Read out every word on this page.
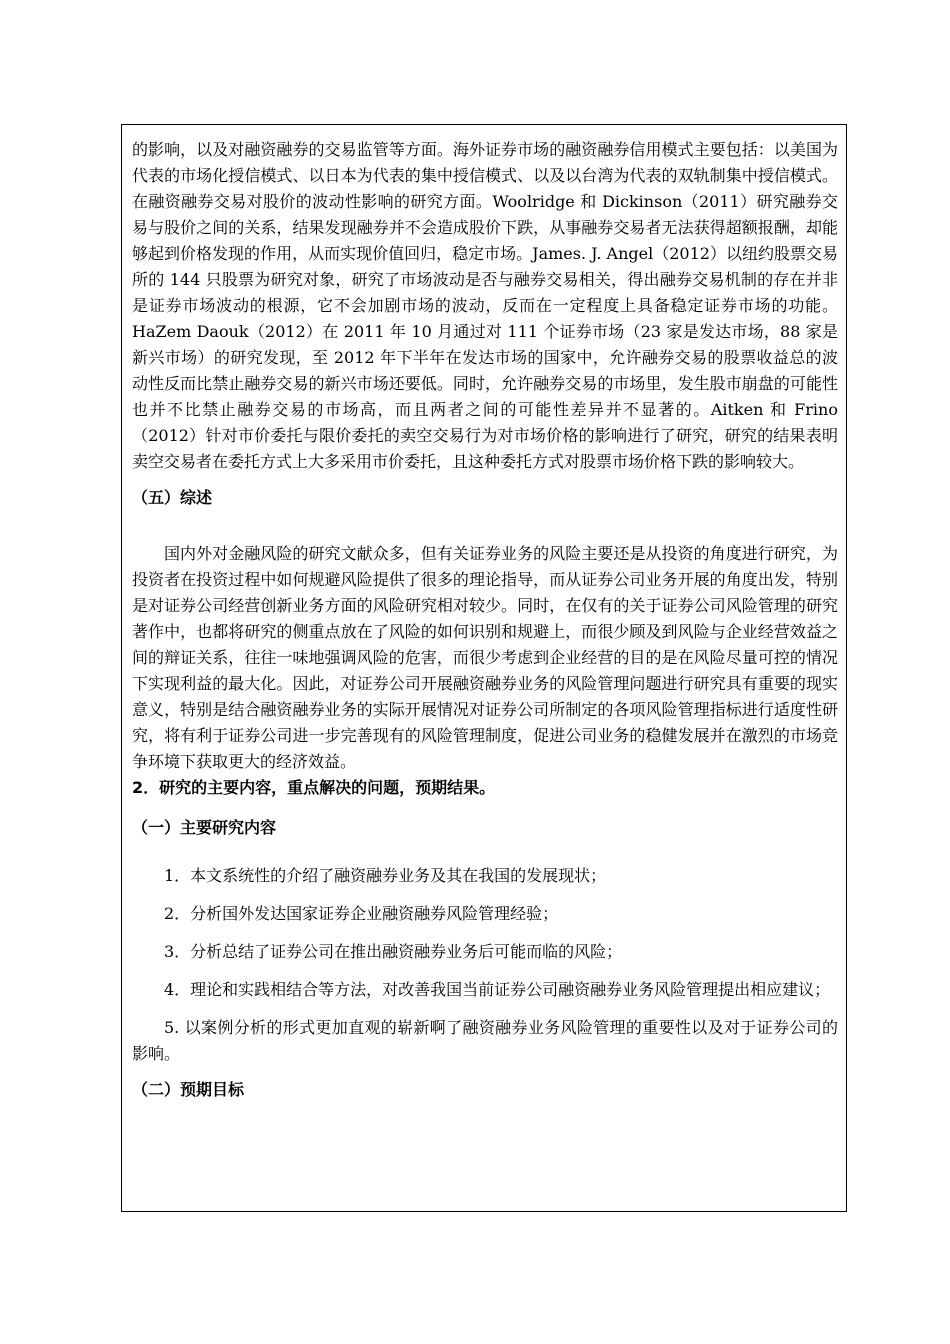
的影响，以及对融资融券的交易监管等方面。海外证券市场的融资融券信用模式主要包括：以美国为代表的市场化授信模式、以日本为代表的集中授信模式、以及以台湾为代表的双轨制集中授信模式。在融资融券交易对股价的波动性影响的研究方面。Woolridge 和 Dickinson（2011）研究融券交易与股价之间的关系，结果发现融券并不会造成股价下跌，从事融券交易者无法获得超额报酬，却能够起到价格发现的作用，从而实现价值回归，稳定市场。James. J. Angel（2012）以纽约股票交易所的 144 只股票为研究对象，研究了市场波动是否与融券交易相关，得出融券交易机制的存在并非是证券市场波动的根源，它不会加剧市场的波动，反而在一定程度上具备稳定证券市场的功能。HaZem Daouk（2012）在 2011 年 10 月通过对 111 个证券市场（23 家是发达市场，88 家是新兴市场）的研究发现，至 2012 年下半年在发达市场的国家中，允许融券交易的股票收益总的波动性反而比禁止融券交易的新兴市场还要低。同时，允许融券交易的市场里，发生股市崩盘的可能性也并不比禁止融券交易的市场高，而且两者之间的可能性差异并不显著的。Aitken 和 Frino（2012）针对市价委托与限价委托的卖空交易行为对市场价格的影响进行了研究，研究的结果表明卖空交易者在委托方式上大多采用市价委托，且这种委托方式对股票市场价格下跌的影响较大。

（五）综述

国内外对金融风险的研究文献众多，但有关证券业务的风险主要还是从投资的角度进行研究，为投资者在投资过程中如何规避风险提供了很多的理论指导，而从证券公司业务开展的角度出发，特别是对证券公司经营创新业务方面的风险研究相对较少。同时，在仅有的关于证券公司风险管理的研究著作中，也都将研究的侧重点放在了风险的如何识别和规避上，而很少顾及到风险与企业经营效益之间的辩证关系，往往一味地强调风险的危害，而很少考虑到企业经营的目的是在风险尽量可控的情况下实现利益的最大化。因此，对证券公司开展融资融券业务的风险管理问题进行研究具有重要的现实意义，特别是结合融资融券业务的实际开展情况对证券公司所制定的各项风险管理指标进行适度性研究，将有利于证券公司进一步完善现有的风险管理制度，促进公司业务的稳健发展并在激烈的市场竞争环境下获取更大的经济效益。

2．研究的主要内容，重点解决的问题，预期结果。

（一）主要研究内容

1．本文系统性的介绍了融资融券业务及其在我国的发展现状；

2．分析国外发达国家证券企业融资融券风险管理经验；

3．分析总结了证券公司在推出融资融券业务后可能而临的风险；

4．理论和实践相结合等方法，对改善我国当前证券公司融资融券业务风险管理提出相应建议；

5. 以案例分析的形式更加直观的崭新啊了融资融券业务风险管理的重要性以及对于证券公司的影响。

（二）预期目标
